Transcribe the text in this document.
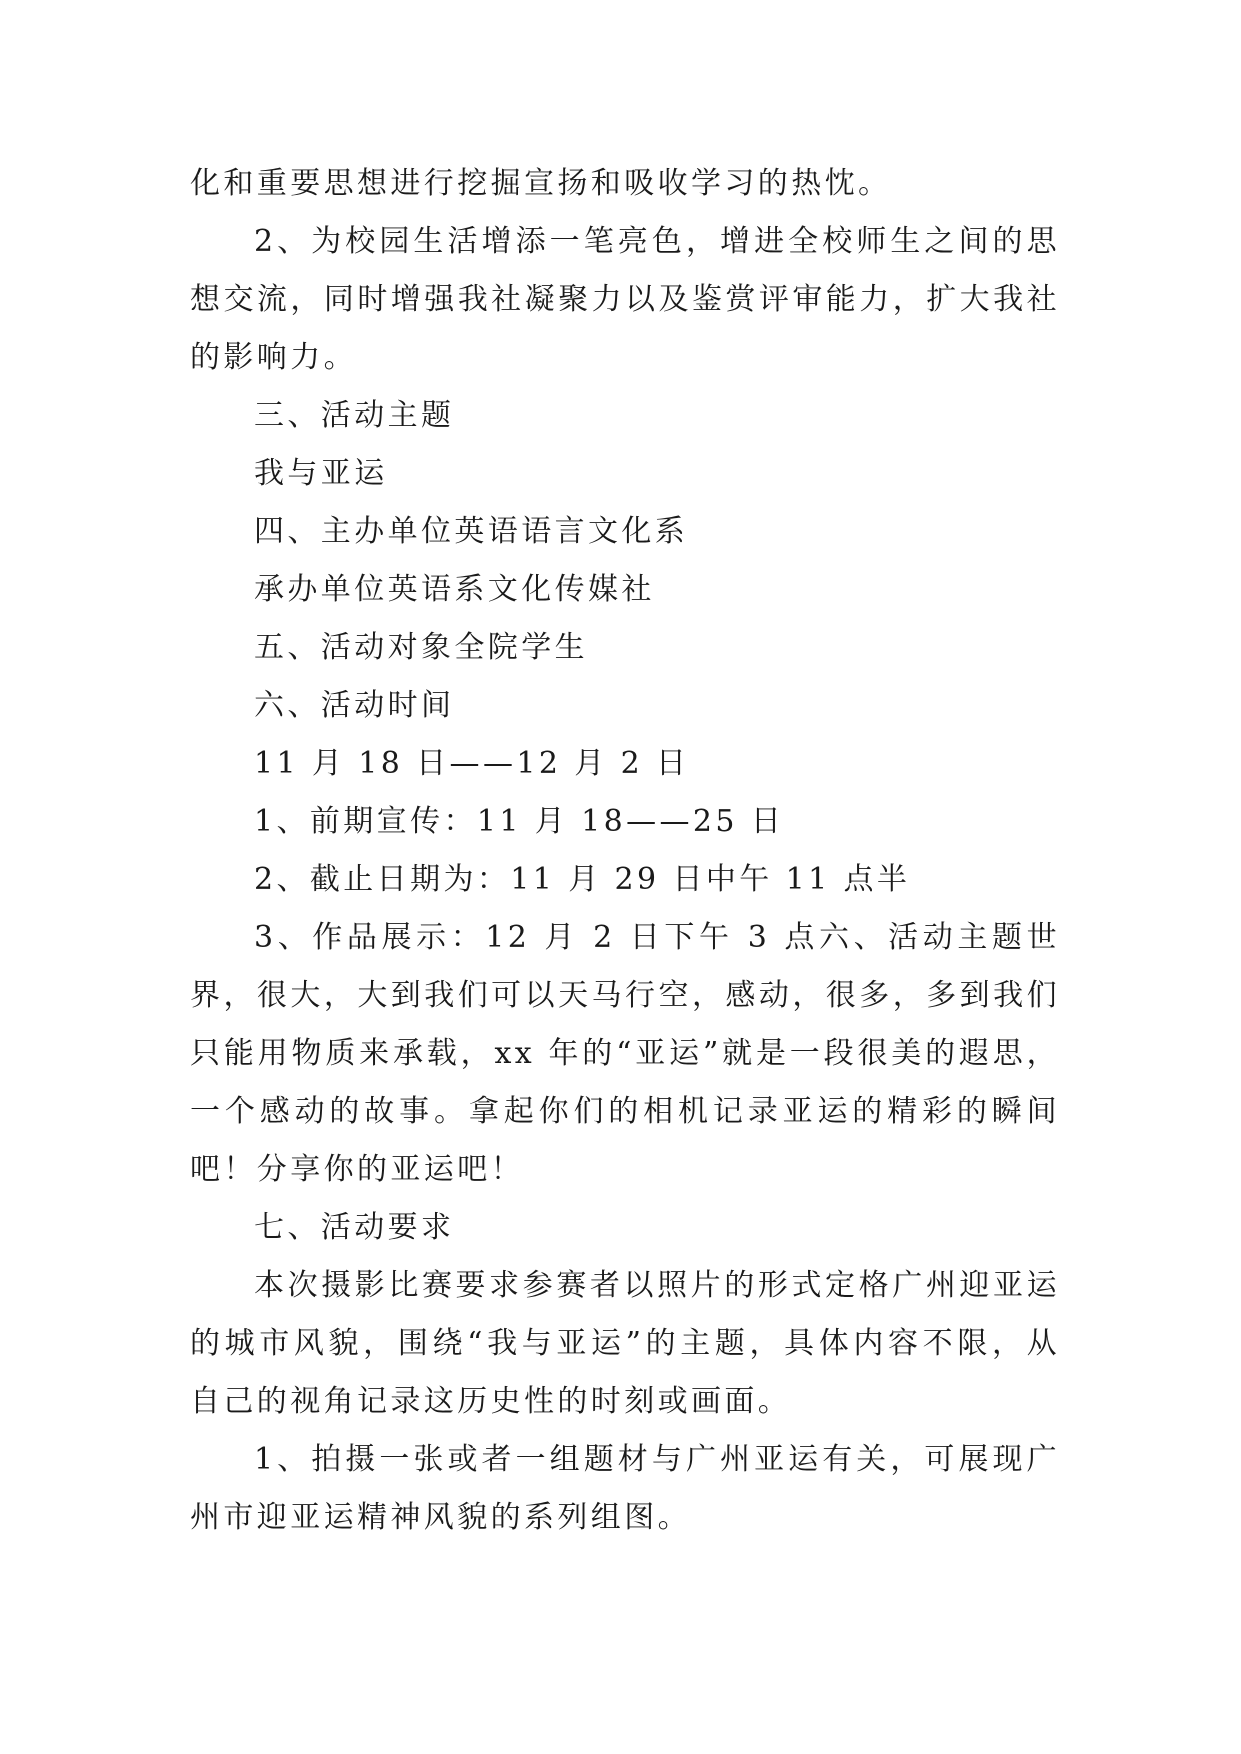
化和重要思想进行挖掘宣扬和吸收学习的热忱。

2、为校园生活增添一笔亮色，增进全校师生之间的思想交流，同时增强我社凝聚力以及鉴赏评审能力，扩大我社的影响力。

三、活动主题

我与亚运

四、主办单位英语语言文化系

承办单位英语系文化传媒社

五、活动对象全院学生

六、活动时间

11 月 18 日——12 月 2 日

1、前期宣传：11 月 18——25 日

2、截止日期为：11 月 29 日中午 11 点半

3、作品展示：12 月 2 日下午 3 点六、活动主题世界，很大，大到我们可以天马行空，感动，很多，多到我们只能用物质来承载，xx 年的“亚运”就是一段很美的遐思，一个感动的故事。拿起你们的相机记录亚运的精彩的瞬间吧！分享你的亚运吧！

七、活动要求

本次摄影比赛要求参赛者以照片的形式定格广州迎亚运的城市风貌，围绕“我与亚运”的主题，具体内容不限，从自己的视角记录这历史性的时刻或画面。

1、拍摄一张或者一组题材与广州亚运有关，可展现广州市迎亚运精神风貌的系列组图。
